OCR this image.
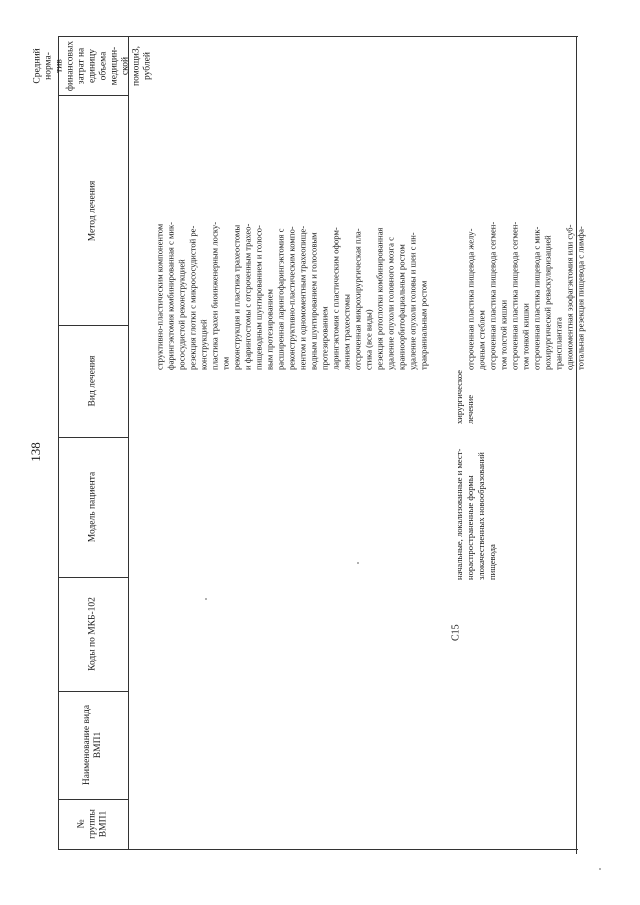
138
Средний норма- тив финансовых затрат на единицу объема медицин- ской помощи3, рублей
Метод лечения
Вид лечения
Модель пациента
Коды по МКБ-102
Наименование вида ВМП1
№ группы ВМП1
структивно-пластическим компонентом фарингэктомия комбинированная с мик- рососудистой реконструкцией резекция глотки с микрососудистой ре- конструкцией пластика трахеи биоинженерным лоску- том реконструкция и пластика трахеостомы и фарингостомы с отсроченным трахео- пищеводным шунтированием и голосо- вым протезированием расширенная ларингофарингэктомия с реконструктивно-пластическим компо- нентом и одномоментным трахеопище- водным шунтированием и голосовым протезированием ларингэктомия с пластическим оформ- лением трахеостомы отсроченная микрохирургическая пла- стика (все виды) резекция ротоглотки комбинированная удаление опухоли головного мозга с краниоорбитофациальным ростом удаление опухоли головы и шеи с ин- тракраниальным ростом	отсроченная пластика пищевода желу- дочным стеблем отсроченная пластика пищевода сегмен- том толстой кишки отсроченная пластика пищевода сегмен- том тонкой кишки отсроченная пластика пищевода с мик- рохирургической реваскуляризацией трансплантата одномоментная эзофагэктомия или суб- тотальная резекция пищевода с лимфа-
хирургическое лечение
начальные, локализованные и мест- нораспространенные формы злокачественных новообразований пищевода
C15
